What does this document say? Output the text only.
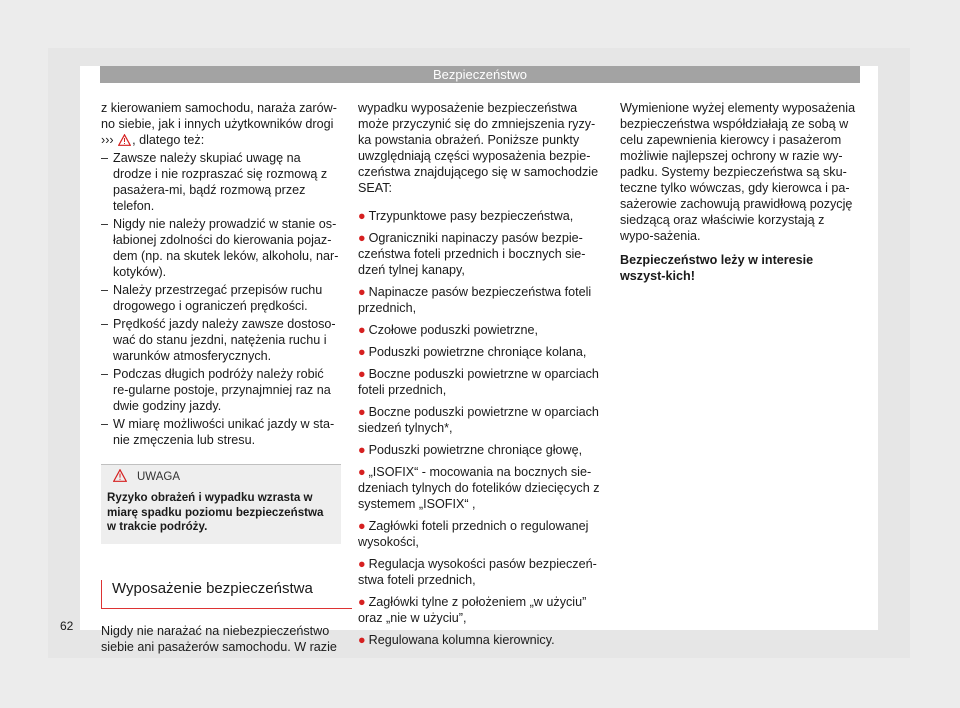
Bezpieczeństwo

z kierowaniem samochodu, naraża zarów-no siebie, jak i innych użytkowników drogi
››› , dlatego też:

– Zawsze należy skupiać uwagę na drodze i nie rozpraszać się rozmową z pasażera-mi, bądź rozmową przez telefon.
– Nigdy nie należy prowadzić w stanie os-łabionej zdolności do kierowania pojaz-dem (np. na skutek leków, alkoholu, nar-kotyków).
– Należy przestrzegać przepisów ruchu drogowego i ograniczeń prędkości.
– Prędkość jazdy należy zawsze dostoso-wać do stanu jezdni, natężenia ruchu i warunków atmosferycznych.
– Podczas długich podróży należy robić re-gularne postoje, przynajmniej raz na dwie godziny jazdy.
– W miarę możliwości unikać jazdy w sta-nie zmęczenia lub stresu.
UWAGA
Ryzyko obrażeń i wypadku wzrasta w miarę spadku poziomu bezpieczeństwa w trakcie podróży.
Wyposażenie bezpieczeństwa

Nigdy nie narażać na niebezpieczeństwo siebie ani pasażerów samochodu. W razie

wypadku wyposażenie bezpieczeństwa może przyczynić się do zmniejszenia ryzy-ka powstania obrażeń. Poniższe punkty uwzględniają części wyposażenia bezpie-czeństwa znajdującego się w samochodzie SEAT:

● Trzypunktowe pasy bezpieczeństwa,
● Ograniczniki napinaczy pasów bezpie-czeństwa foteli przednich i bocznych sie-dzeń tylnej kanapy,
● Napinacze pasów bezpieczeństwa foteli przednich,
● Czołowe poduszki powietrzne,
● Poduszki powietrzne chroniące kolana,
● Boczne poduszki powietrzne w oparciach foteli przednich,
● Boczne poduszki powietrzne w oparciach siedzeń tylnych*,
● Poduszki powietrzne chroniące głowę,
● „ISOFIX“ - mocowania na bocznych sie-dzeniach tylnych do fotelików dziecięcych z systemem „ISOFIX“ ,
● Zagłówki foteli przednich o regulowanej wysokości,
● Regulacja wysokości pasów bezpieczeń-stwa foteli przednich,
● Zagłówki tylne z położeniem „w użyciu” oraz „nie w użyciu”,
● Regulowana kolumna kierownicy.

Wymienione wyżej elementy wyposażenia bezpieczeństwa współdziałają ze sobą w celu zapewnienia kierowcy i pasażerom możliwie najlepszej ochrony w razie wy-padku. Systemy bezpieczeństwa są sku-teczne tylko wówczas, gdy kierowca i pa-sażerowie zachowują prawidłową pozycję siedzącą oraz właściwie korzystają z wypo-sażenia.

Bezpieczeństwo leży w interesie wszyst-kich!

62
